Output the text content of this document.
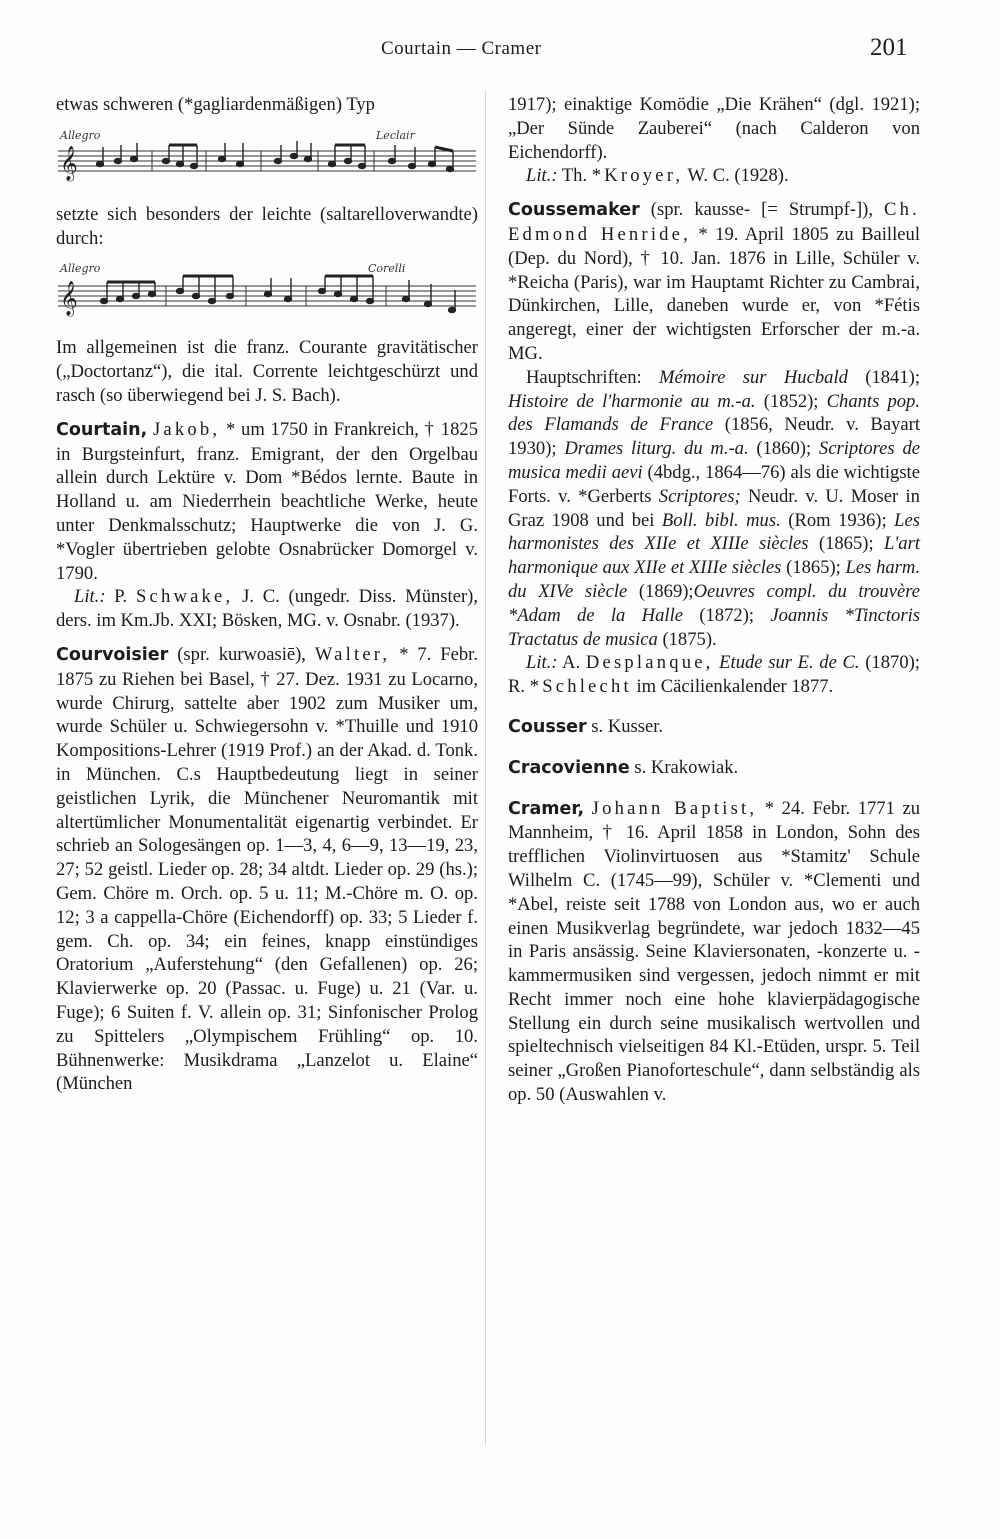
Courtain — Cramer	201

etwas schweren (*gagliardenmäßigen) Typ

Allegro	Leclair
𝄞

setzte sich besonders der leichte (saltarelloverwandte) durch:

Allegro	Corelli
𝄞

Im allgemeinen ist die franz. Courante gravitätischer („Doctortanz“), die ital. Corrente leichtgeschürzt und rasch (so überwiegend bei J. S. Bach).

Courtain, Jakob, * um 1750 in Frankreich, † 1825 in Burgsteinfurt, franz. Emigrant, der den Orgelbau allein durch Lektüre v. Dom *Bédos lernte. Baute in Holland u. am Niederrhein beachtliche Werke, heute unter Denkmalsschutz; Hauptwerke die von J. G. *Vogler übertrieben gelobte Osnabrücker Domorgel v. 1790.

Lit.: P. Schwake, J. C. (ungedr. Diss. Münster), ders. im Km.Jb. XXI; Bösken, MG. v. Osnabr. (1937).

Courvoisier (spr. kurwoasiē), Walter, * 7. Febr. 1875 zu Riehen bei Basel, † 27. Dez. 1931 zu Locarno, wurde Chirurg, sattelte aber 1902 zum Musiker um, wurde Schüler u. Schwiegersohn v. *Thuille und 1910 Kompositions-Lehrer (1919 Prof.) an der Akad. d. Tonk. in München. C.s Hauptbedeutung liegt in seiner geistlichen Lyrik, die Münchener Neuromantik mit altertümlicher Monumentalität eigenartig verbindet. Er schrieb an Sologesängen op. 1—3, 4, 6—9, 13—19, 23, 27; 52 geistl. Lieder op. 28; 34 altdt. Lieder op. 29 (hs.); Gem. Chöre m. Orch. op. 5 u. 11; M.-Chöre m. O. op. 12; 3 a cappella-Chöre (Eichendorff) op. 33; 5 Lieder f. gem. Ch. op. 34; ein feines, knapp einstündiges Oratorium „Auferstehung“ (den Gefallenen) op. 26; Klavierwerke op. 20 (Passac. u. Fuge) u. 21 (Var. u. Fuge); 6 Suiten f. V. allein op. 31; Sinfonischer Prolog zu Spittelers „Olympischem Frühling“ op. 10. Bühnenwerke: Musikdrama „Lanzelot u. Elaine“ (München

1917); einaktige Komödie „Die Krähen“ (dgl. 1921); „Der Sünde Zauberei“ (nach Calderon von Eichendorff).

Lit.: Th. *Kroyer, W. C. (1928).

Coussemaker (spr. kausse- [= Strumpf-]), Ch. Edmond Henride, * 19. April 1805 zu Bailleul (Dep. du Nord), † 10. Jan. 1876 in Lille, Schüler v. *Reicha (Paris), war im Hauptamt Richter zu Cambrai, Dünkirchen, Lille, daneben wurde er, von *Fétis angeregt, einer der wichtigsten Erforscher der m.-a. MG.

Hauptschriften: Mémoire sur Hucbald (1841); Histoire de l'harmonie au m.-a. (1852); Chants pop. des Flamands de France (1856, Neudr. v. Bayart 1930); Drames liturg. du m.-a. (1860); Scriptores de musica medii aevi (4bdg., 1864—76) als die wichtigste Forts. v. *Gerberts Scriptores; Neudr. v. U. Moser in Graz 1908 und bei Boll. bibl. mus. (Rom 1936); Les harmonistes des XIIe et XIIIe siècles (1865); L'art harmonique aux XIIe et XIIIe siècles (1865); Les harm. du XIVe siècle (1869);Oeuvres compl. du trouvère *Adam de la Halle (1872); Joannis *Tinctoris Tractatus de musica (1875).

Lit.: A. Desplanque, Etude sur E. de C. (1870); R. *Schlecht im Cäcilienkalender 1877.

Cousser s. Kusser.

Cracovienne s. Krakowiak.

Cramer, Johann Baptist, * 24. Febr. 1771 zu Mannheim, † 16. April 1858 in London, Sohn des trefflichen Violinvirtuosen aus *Stamitz' Schule Wilhelm C. (1745—99), Schüler v. *Clementi und *Abel, reiste seit 1788 von London aus, wo er auch einen Musikverlag begründete, war jedoch 1832—45 in Paris ansässig. Seine Klaviersonaten, -konzerte u. -kammermusiken sind vergessen, jedoch nimmt er mit Recht immer noch eine hohe klavierpädagogische Stellung ein durch seine musikalisch wertvollen und spieltechnisch vielseitigen 84 Kl.-Etüden, urspr. 5. Teil seiner „Großen Pianoforteschule“, dann selbständig als op. 50 (Auswahlen v.
